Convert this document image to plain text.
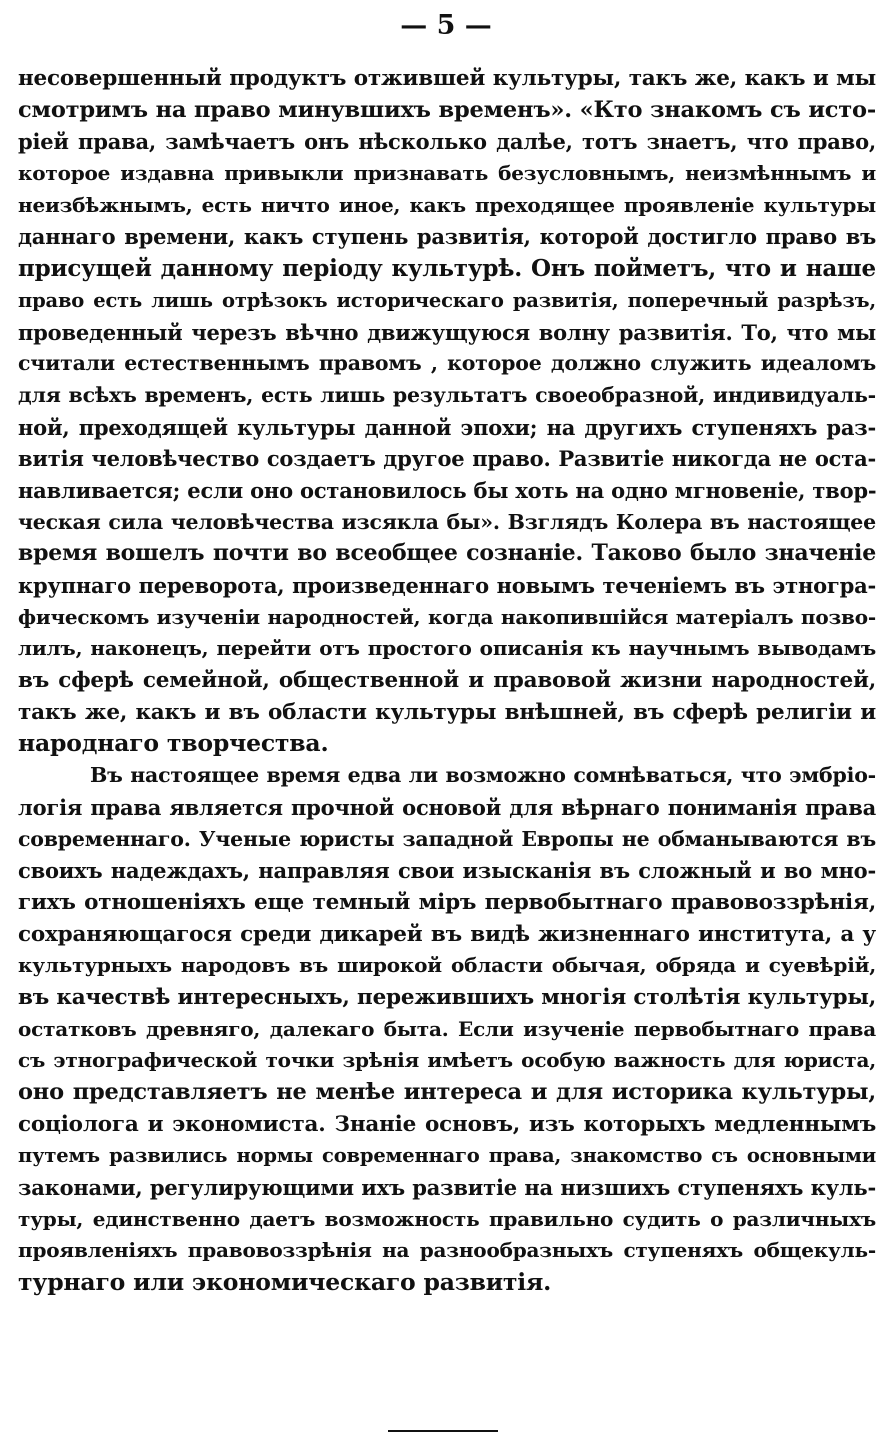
— 5 —
несовершенный продуктъ отжившей культуры, такъ же, какъ и мы
смотримъ на право минувшихъ временъ». «Кто знакомъ съ исто-
ріей права, замѣчаетъ онъ нѣсколько далѣе, тотъ знаетъ, что право,
которое издавна привыкли признавать безусловнымъ, неизмѣннымъ и
неизбѣжнымъ, есть ничто иное, какъ преходящее проявленіе культуры
даннаго времени, какъ ступень развитія, которой достигло право въ
присущей данному періоду культурѣ. Онъ пойметъ, что и наше
право есть лишь отрѣзокъ историческаго развитія, поперечный разрѣзъ,
проведенный черезъ вѣчно движущуюся волну развитія. То, что мы
считали естественнымъ правомъ , которое должно служить идеаломъ
для всѣхъ временъ, есть лишь результатъ своеобразной, индивидуаль-
ной, преходящей культуры данной эпохи; на другихъ ступеняхъ раз-
витія человѣчество создаетъ другое право. Развитіе никогда не оста-
навливается; если оно остановилось бы хоть на одно мгновеніе, твор-
ческая сила человѣчества изсякла бы». Взглядъ Колера въ настоящее
время вошелъ почти во всеобщее сознаніе. Таково было значеніе
крупнаго переворота, произведеннаго новымъ теченіемъ въ этногра-
фическомъ изученіи народностей, когда накопившійся матеріалъ позво-
лилъ, наконецъ, перейти отъ простого описанія къ научнымъ выводамъ
въ сферѣ семейной, общественной и правовой жизни народностей,
такъ же, какъ и въ области культуры внѣшней, въ сферѣ религіи и
народнаго творчества.
Въ настоящее время едва ли возможно сомнѣваться, что эмбріо-
логія права является прочной основой для вѣрнаго пониманія права
современнаго. Ученые юристы западной Европы не обманываются въ
своихъ надеждахъ, направляя свои изысканія въ сложный и во мно-
гихъ отношеніяхъ еще темный міръ первобытнаго правовоззрѣнія,
сохраняющагося среди дикарей въ видѣ жизненнаго института, а у
культурныхъ народовъ въ широкой области обычая, обряда и суевѣрій,
въ качествѣ интересныхъ, пережившихъ многія столѣтія культуры,
остатковъ древняго, далекаго быта. Если изученіе первобытнаго права
съ этнографической точки зрѣнія имѣетъ особую важность для юриста,
оно представляетъ не менѣе интереса и для историка культуры,
соціолога и экономиста. Знаніе основъ, изъ которыхъ медленнымъ
путемъ развились нормы современнаго права, знакомство съ основными
законами, регулирующими ихъ развитіе на низшихъ ступеняхъ куль-
туры, единственно даетъ возможность правильно судить о различныхъ
проявленіяхъ правовоззрѣнія на разнообразныхъ ступеняхъ общекуль-
турнаго или экономическаго развитія.
